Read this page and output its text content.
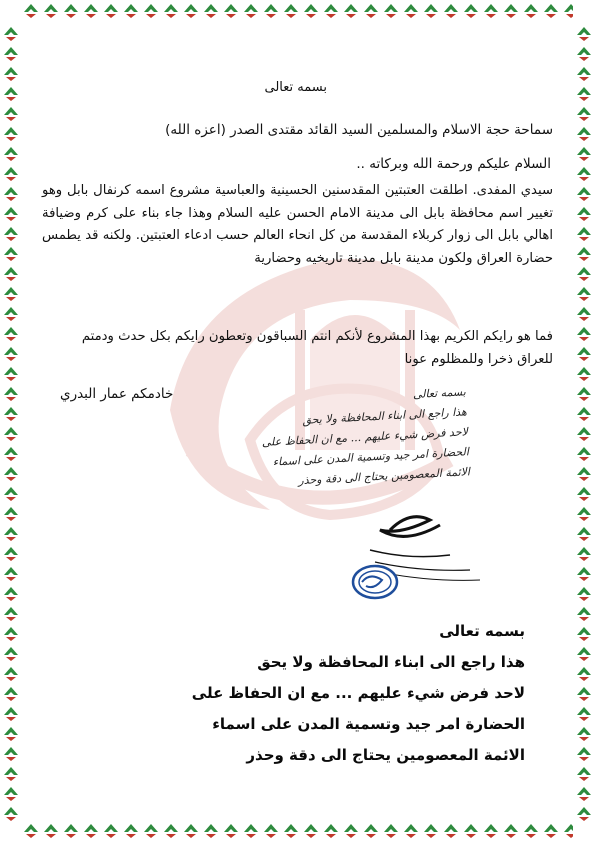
بسمه تعالى
سماحة حجة الاسلام والمسلمين السيد القائد مقتدى الصدر (اعزه الله)
السلام عليكم ورحمة الله وبركاته ..
سيدي المفدى. اطلقت العتبتين المقدسنين الحسينية والعباسية مشروع اسمه كرنفال بابل وهو تغيير اسم محافظة بابل الى مدينة الامام الحسن عليه السلام وهذا جاء بناء على كرم وضيافة اهالي بابل الى زوار كربلاء المقدسة من كل انحاء العالم حسب ادعاء العتبتين. ولكنه قد يطمس حضارة العراق ولكون مدينة بابل مدينة تاريخيه وحضارية
فما هو رايكم الكريم بهذا المشروع لأنكم انتم السباقون وتعطون رايكم بكل حدث ودمتم للعراق ذخرا وللمظلوم عونا
خادمكم عمار البدري	بسمه تعالى
هذا راجع الى ابناء المحافظة ولا يحق
لاحد فرض شيء عليهم ... مع ان الحفاظ على
الحضارة امر جيد وتسمية المدن على اسماء
الائمة المعصومين يحتاج الى دقة وحذر
بسمه تعالى
هذا راجع الى ابناء المحافظة ولا يحق
لاحد فرض شيء عليهم ... مع ان الحفاظ على
الحضارة امر جيد وتسمية المدن على اسماء
الائمة المعصومين يحتاج الى دقة وحذر
